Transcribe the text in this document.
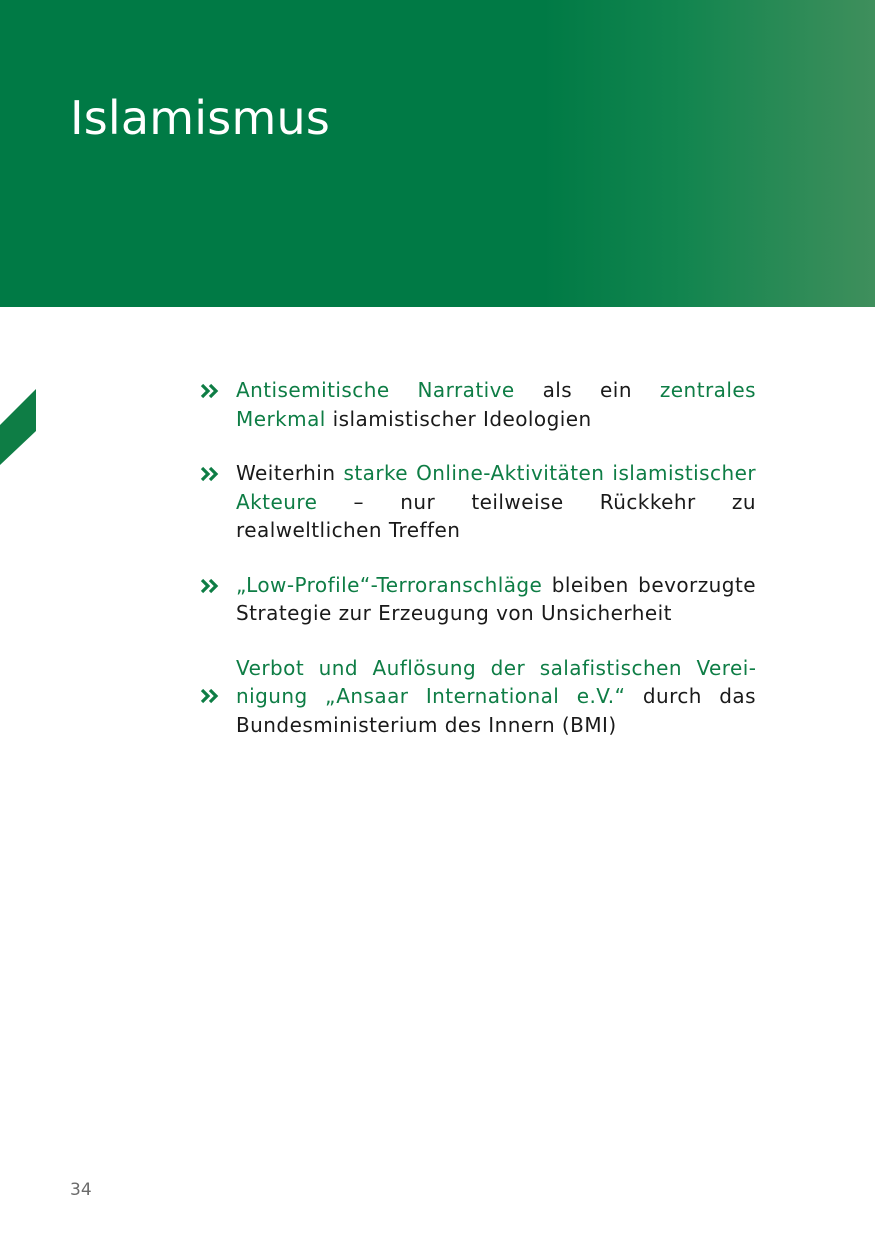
Islamismus

Antisemitische Narrative als ein zentrales Merkmal islamistischer Ideologien

Weiterhin starke Online-Aktivitäten islamistischer Akteure – nur teilweise Rückkehr zu realweltlichen Treffen

„Low-Profile“-Terroranschläge bleiben bevorzugte Strategie zur Erzeugung von Unsicherheit

Verbot und Auflösung der salafistischen Vereinigung „Ansaar International e.V.“ durch das Bundesministerium des Innern (BMI)

34
